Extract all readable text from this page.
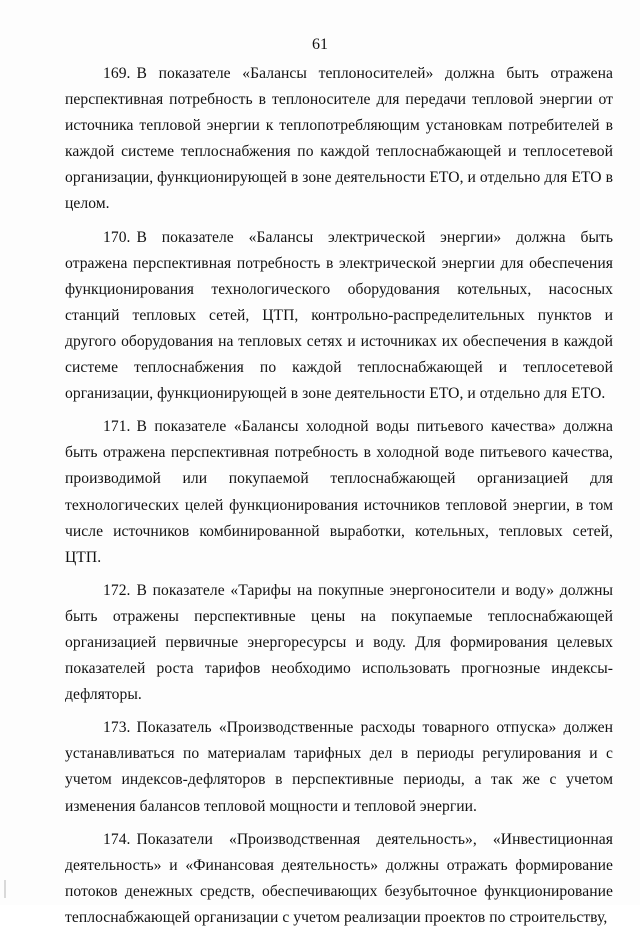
61

169. В показателе «Балансы теплоносителей» должна быть отражена перспективная потребность в теплоносителе для передачи тепловой энергии от источника тепловой энергии к теплопотребляющим установкам потребителей в каждой системе теплоснабжения по каждой теплоснабжающей и теплосетевой организации, функционирующей в зоне деятельности ЕТО, и отдельно для ЕТО в целом.

170. В показателе «Балансы электрической энергии» должна быть отражена перспективная потребность в электрической энергии для обеспечения функционирования технологического оборудования котельных, насосных станций тепловых сетей, ЦТП, контрольно-распределительных пунктов и другого оборудования на тепловых сетях и источниках их обеспечения в каждой системе теплоснабжения по каждой теплоснабжающей и теплосетевой организации, функционирующей в зоне деятельности ЕТО, и отдельно для ЕТО.

171. В показателе «Балансы холодной воды питьевого качества» должна быть отражена перспективная потребность в холодной воде питьевого качества, производимой или покупаемой теплоснабжающей организацией для технологических целей функционирования источников тепловой энергии, в том числе источников комбинированной выработки, котельных, тепловых сетей, ЦТП.

172. В показателе «Тарифы на покупные энергоносители и воду» должны быть отражены перспективные цены на покупаемые теплоснабжающей организацией первичные энергоресурсы и воду. Для формирования целевых показателей роста тарифов необходимо использовать прогнозные индексы-дефляторы.

173. Показатель «Производственные расходы товарного отпуска» должен устанавливаться по материалам тарифных дел в периоды регулирования и с учетом индексов-дефляторов в перспективные периоды, а так же с учетом изменения балансов тепловой мощности и тепловой энергии.

174. Показатели «Производственная деятельность», «Инвестиционная деятельность» и «Финансовая деятельность» должны отражать формирование потоков денежных средств, обеспечивающих безубыточное функционирование теплоснабжающей организации с учетом реализации проектов по строительству,
